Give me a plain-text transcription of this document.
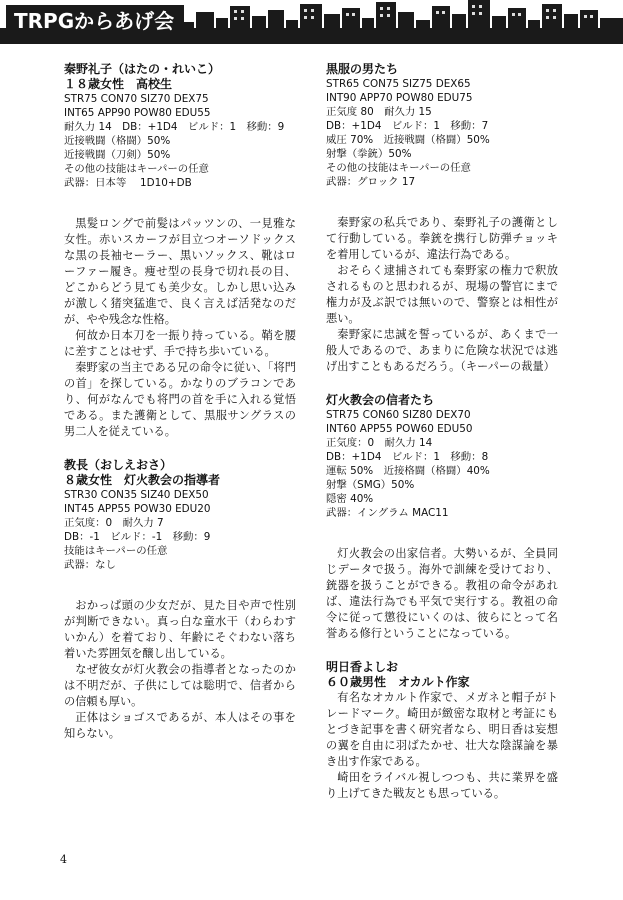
TRPGからあげ会
秦野礼子（はたの・れいこ）
１８歳女性　高校生
STR75 CON70 SIZ70 DEX75
INT65 APP90 POW80 EDU55
耐久力 14　DB：+1D4　ビルド：1　移動：9
近接戦闘（格闘）50%
近接戦闘（刀剣）50%
その他の技能はキーパーの任意
武器：日本等　 1D10+DB

黒髪ロングで前髪はパッツンの、一見雅な女性。赤いスカーフが目立つオーソドックスな黒の長袖セーラー、黒いソックス、靴はローファー履き。痩せ型の長身で切れ長の目、どこからどう見ても美少女。しかし思い込みが激しく猪突猛進で、良く言えば活発なのだが、やや残念な性格。

何故か日本刀を一振り持っている。鞘を腰に差すことはせず、手で持ち歩いている。

秦野家の当主である兄の命令に従い、「将門の首」を探している。かなりのブラコンであり、何がなんでも将門の首を手に入れる覚悟である。また護衛として、黒服サングラスの男二人を従えている。

教長（おしえおさ）
８歳女性　灯火教会の指導者
STR30 CON35 SIZ40 DEX50
INT45 APP55 POW30 EDU20
正気度：0　耐久力 7
DB：-1　ビルド：-1　移動：9
技能はキーパーの任意
武器：なし

おかっぱ頭の少女だが、見た目や声で性別が判断できない。真っ白な童水干（わらわすいかん）を着ており、年齢にそぐわない落ち着いた雰囲気を醸し出している。

なぜ彼女が灯火教会の指導者となったのかは不明だが、子供にしては聡明で、信者からの信頼も厚い。

正体はショゴスであるが、本人はその事を知らない。

黒服の男たち
STR65 CON75 SIZ75 DEX65
INT90 APP70 POW80 EDU75
正気度 80　耐久力 15
DB：+1D4　ビルド：1　移動：7
威圧 70%　近接戦闘（格闘）50%
射撃（拳銃）50%
その他の技能はキーパーの任意
武器：グロック 17

秦野家の私兵であり、秦野礼子の護衛として行動している。拳銃を携行し防弾チョッキを着用しているが、違法行為である。

おそらく逮捕されても秦野家の権力で釈放されるものと思われるが、現場の警官にまで権力が及ぶ訳では無いので、警察とは相性が悪い。

秦野家に忠誠を誓っているが、あくまで一般人であるので、あまりに危険な状況では逃げ出すこともあるだろう。（キーパーの裁量）

灯火教会の信者たち
STR75 CON60 SIZ80 DEX70
INT60 APP55 POW60 EDU50
正気度：0　耐久力 14
DB：+1D4　ビルド：1　移動：8
運転 50%　近接格闘（格闘）40%
射撃（SMG）50%
隠密 40%
武器：イングラム MAC11

灯火教会の出家信者。大勢いるが、全員同じデータで扱う。海外で訓練を受けており、銃器を扱うことができる。教祖の命令があれば、違法行為でも平気で実行する。教祖の命令に従って懲役にいくのは、彼らにとって名誉ある修行ということになっている。

明日香よしお
６０歳男性　オカルト作家

有名なオカルト作家で、メガネと帽子がトレードマーク。崎田が緻密な取材と考証にもとづき記事を書く研究者なら、明日香は妄想の翼を自由に羽ばたかせ、壮大な陰謀論を暴き出す作家である。

崎田をライバル視しつつも、共に業界を盛り上げてきた戦友とも思っている。

4
